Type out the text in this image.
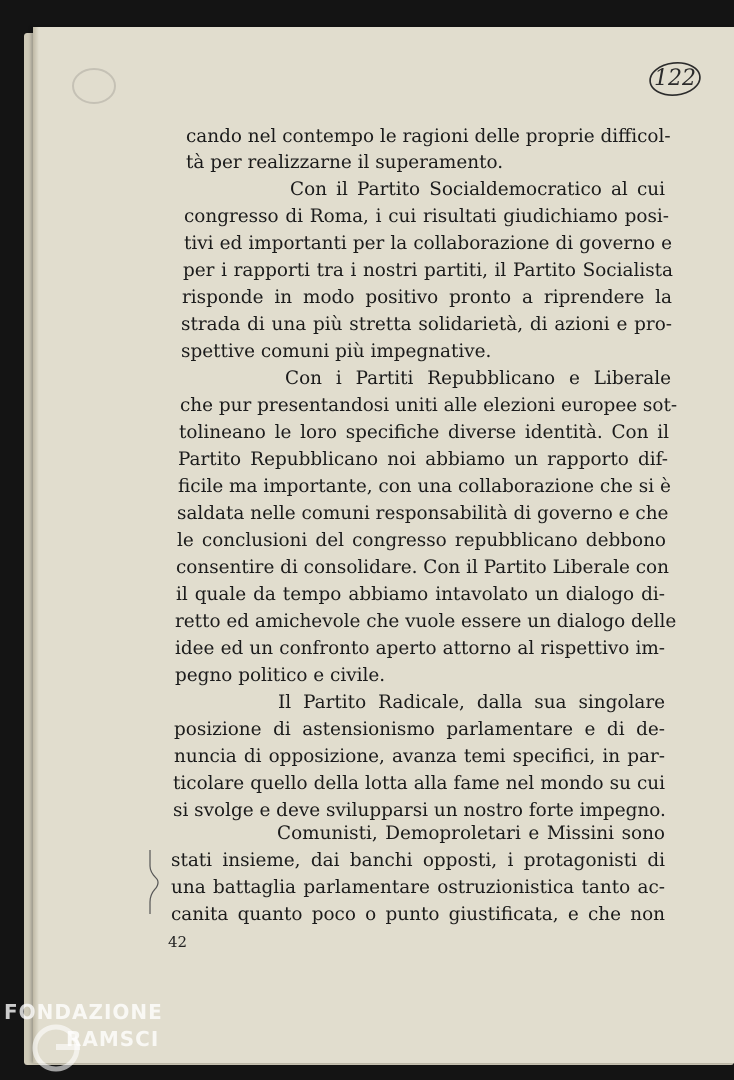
122
cando nel contempo le ragioni delle proprie difficol-
tà per realizzarne il superamento.
Con il Partito Socialdemocratico al cui
congresso di Roma, i cui risultati giudichiamo posi-
tivi ed importanti per la collaborazione di governo e
per i rapporti tra i nostri partiti, il Partito Socialista
risponde in modo positivo pronto a riprendere la
strada di una più stretta solidarietà, di azioni e pro-
spettive comuni più impegnative.
Con i Partiti Repubblicano e Liberale
che pur presentandosi uniti alle elezioni europee sot-
tolineano le loro specifiche diverse identità. Con il
Partito Repubblicano noi abbiamo un rapporto dif-
ficile ma importante, con una collaborazione che si è
saldata nelle comuni responsabilità di governo e che
le conclusioni del congresso repubblicano debbono
consentire di consolidare. Con il Partito Liberale con
il quale da tempo abbiamo intavolato un dialogo di-
retto ed amichevole che vuole essere un dialogo delle
idee ed un confronto aperto attorno al rispettivo im-
pegno politico e civile.
Il Partito Radicale, dalla sua singolare
posizione di astensionismo parlamentare e di de-
nuncia di opposizione, avanza temi specifici, in par-
ticolare quello della lotta alla fame nel mondo su cui
si svolge e deve svilupparsi un nostro forte impegno.
Comunisti, Demoproletari e Missini sono
stati insieme, dai banchi opposti, i protagonisti di
una battaglia parlamentare ostruzionistica tanto ac-
canita quanto poco o punto giustificata, e che non
42
FONDAZIONE
RAMSCI
